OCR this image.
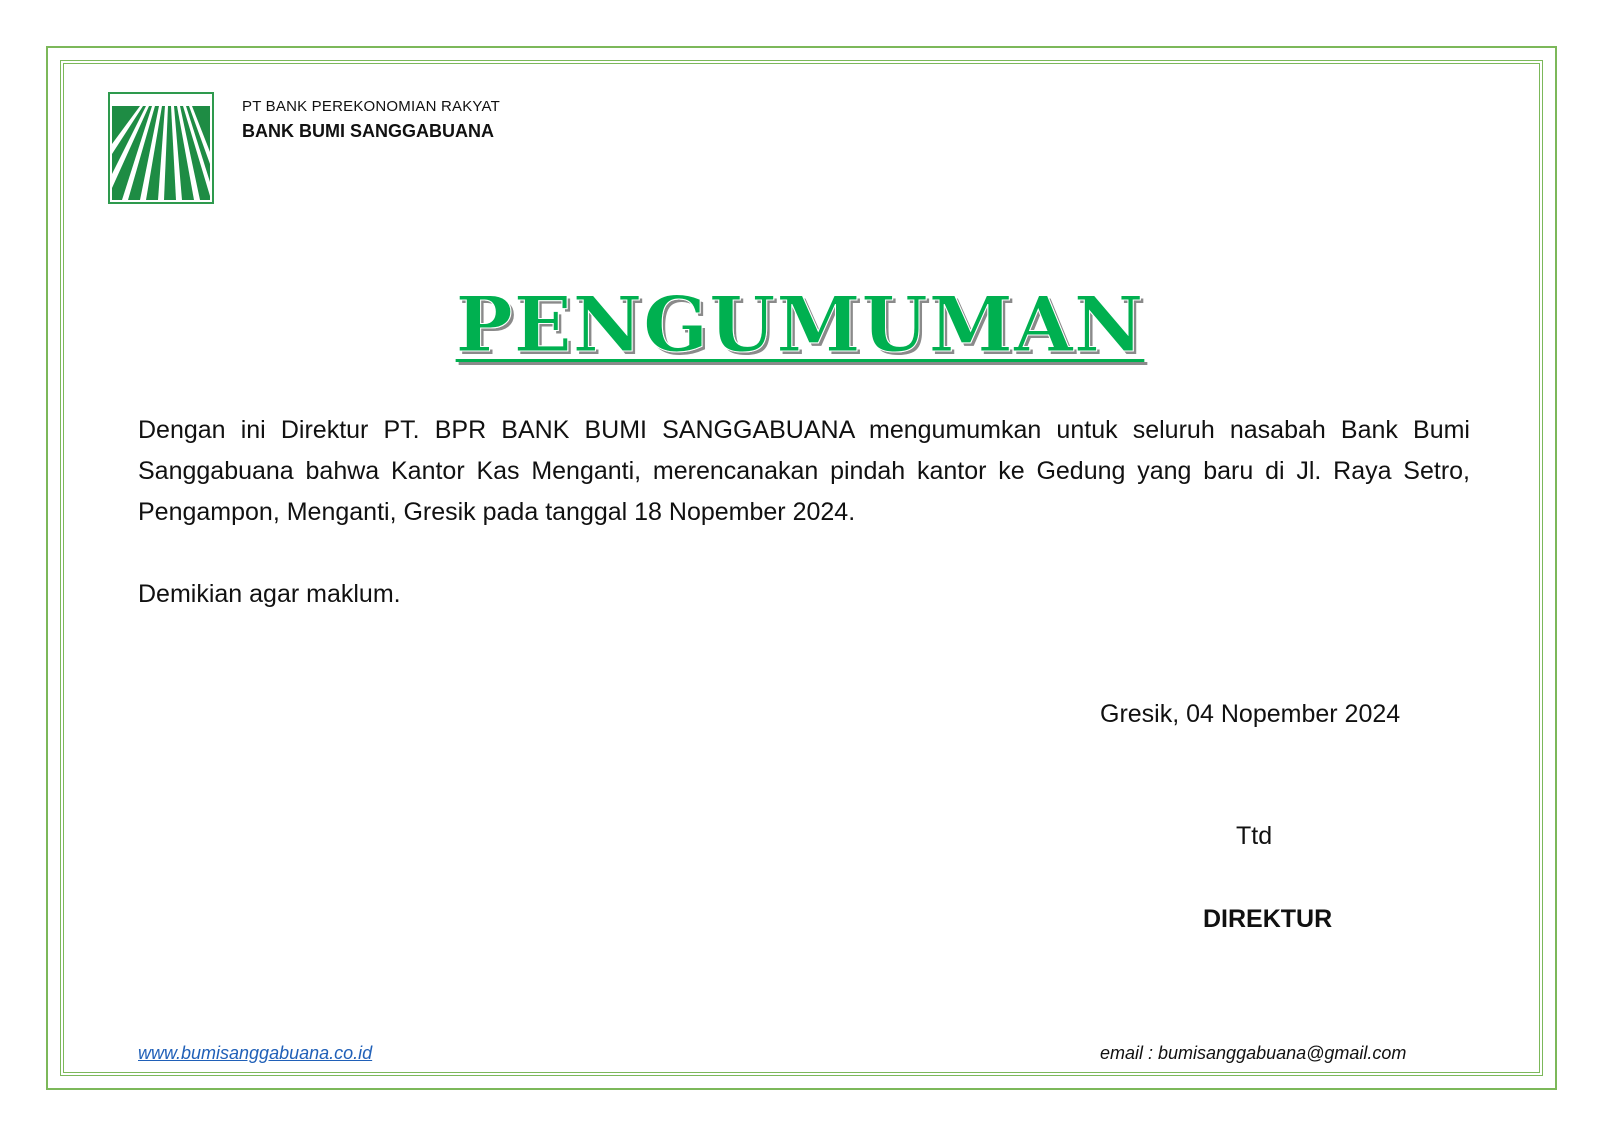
PT BANK PEREKONOMIAN RAKYAT
BANK BUMI SANGGABUANA
PENGUMUMAN
Dengan ini Direktur PT. BPR BANK BUMI SANGGABUANA mengumumkan untuk seluruh nasabah Bank Bumi Sanggabuana bahwa Kantor Kas Menganti, merencanakan pindah kantor ke Gedung yang baru di Jl. Raya Setro, Pengampon, Menganti, Gresik pada tanggal 18 Nopember 2024.
Demikian agar maklum.
Gresik, 04 Nopember 2024
Ttd
DIREKTUR
www.bumisanggabuana.co.id	email : bumisanggabuana@gmail.com
